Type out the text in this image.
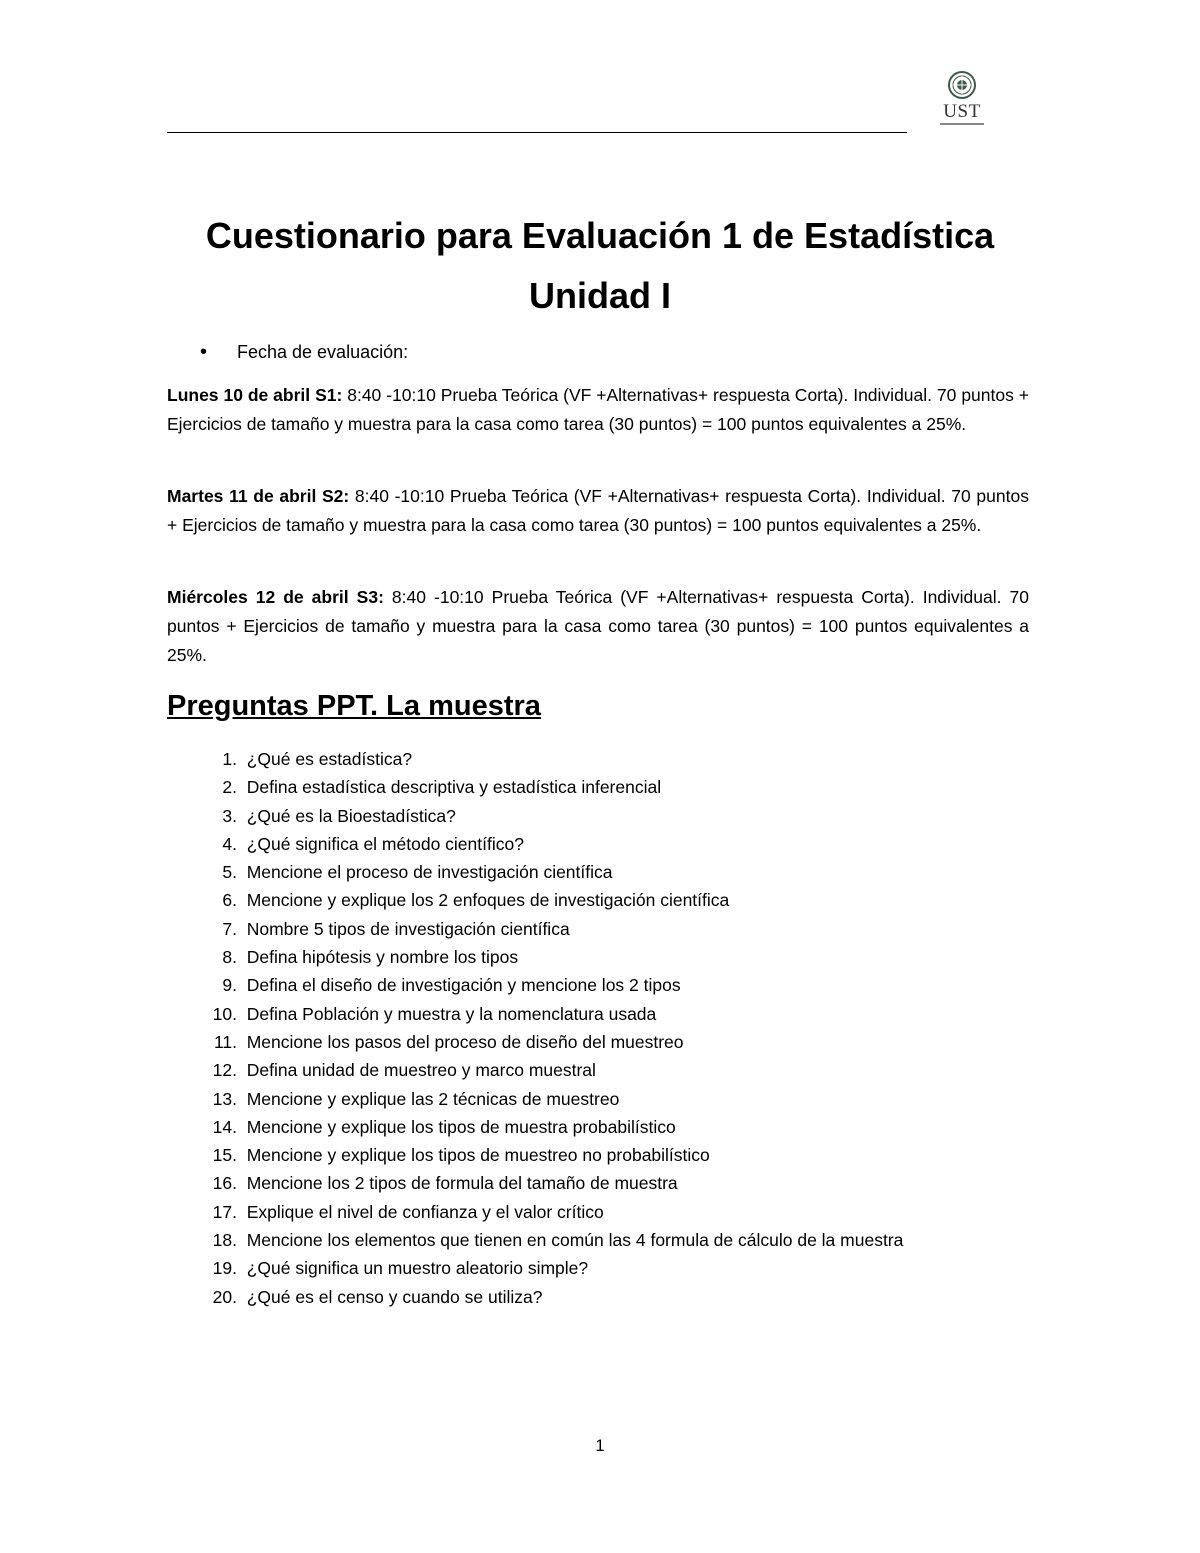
UST
Cuestionario para Evaluación 1 de Estadística
Unidad I
• Fecha de evaluación:
Lunes 10 de abril S1: 8:40 -10:10 Prueba Teórica (VF +Alternativas+ respuesta Corta). Individual. 70 puntos + Ejercicios de tamaño y muestra para la casa como tarea (30 puntos) = 100 puntos equivalentes a 25%.
Martes 11 de abril S2: 8:40 -10:10 Prueba Teórica (VF +Alternativas+ respuesta Corta). Individual. 70 puntos + Ejercicios de tamaño y muestra para la casa como tarea (30 puntos) = 100 puntos equivalentes a 25%.
Miércoles 12 de abril S3: 8:40 -10:10 Prueba Teórica (VF +Alternativas+ respuesta Corta). Individual. 70 puntos + Ejercicios de tamaño y muestra para la casa como tarea (30 puntos) = 100 puntos equivalentes a 25%.
Preguntas PPT. La muestra
1. ¿Qué es estadística?
2. Defina estadística descriptiva y estadística inferencial
3. ¿Qué es la Bioestadística?
4. ¿Qué significa el método científico?
5. Mencione el proceso de investigación científica
6. Mencione y explique los 2 enfoques de investigación científica
7. Nombre 5 tipos de investigación científica
8. Defina hipótesis y nombre los tipos
9. Defina el diseño de investigación y mencione los 2 tipos
10. Defina Población y muestra y la nomenclatura usada
11. Mencione los pasos del proceso de diseño del muestreo
12. Defina unidad de muestreo y marco muestral
13. Mencione y explique las 2 técnicas de muestreo
14. Mencione y explique los tipos de muestra probabilístico
15. Mencione y explique los tipos de muestreo no probabilístico
16. Mencione los 2 tipos de formula del tamaño de muestra
17. Explique el nivel de confianza y el valor crítico
18. Mencione los elementos que tienen en común las 4 formula de cálculo de la muestra
19. ¿Qué significa un muestro aleatorio simple?
20. ¿Qué es el censo y cuando se utiliza?
1
